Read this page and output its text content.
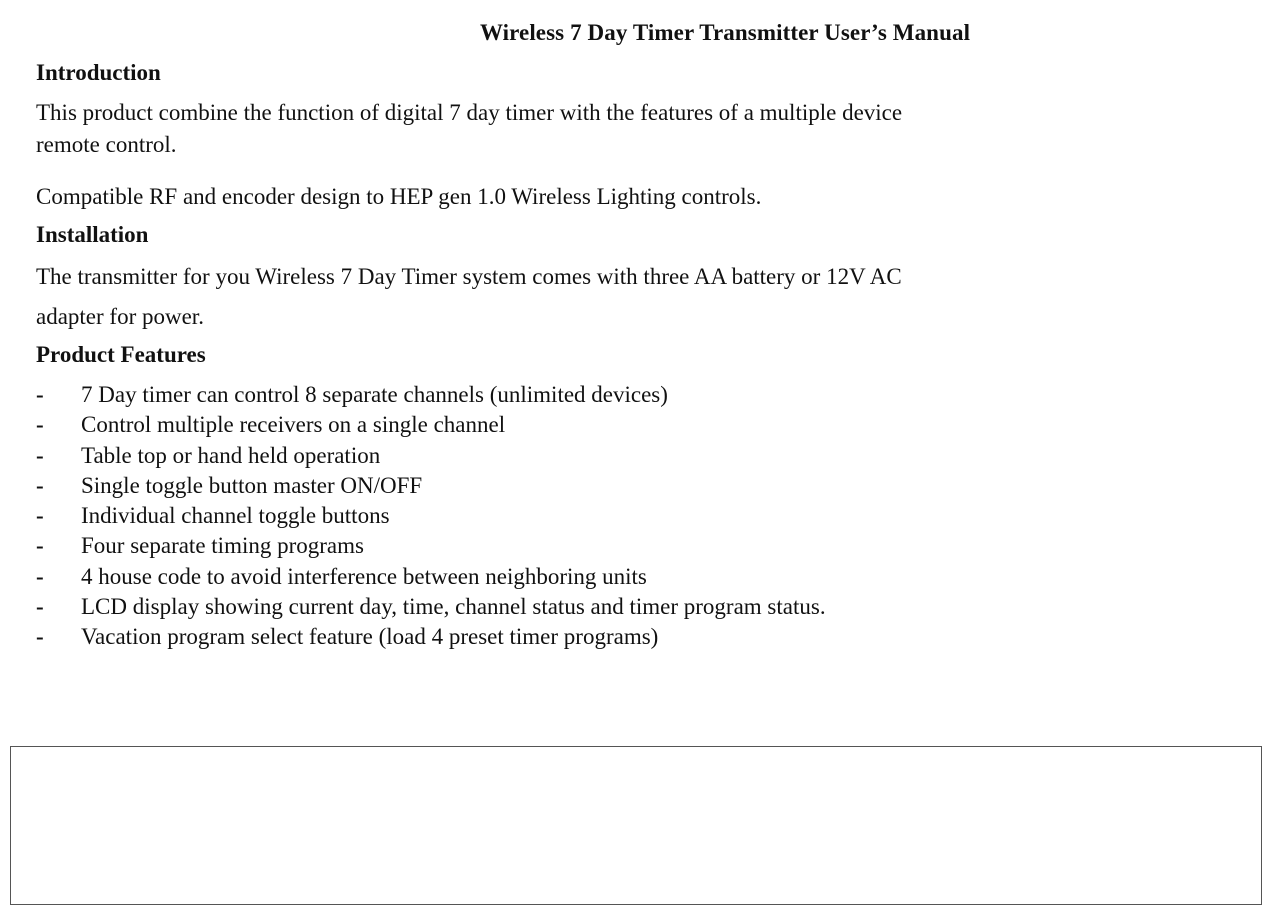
Wireless 7 Day Timer Transmitter User’s Manual
Introduction
This product combine the function of digital 7 day timer with the features of a multiple device
remote control.
Compatible RF and encoder design to HEP gen 1.0 Wireless Lighting controls.
Installation
The transmitter for you Wireless 7 Day Timer system comes with three AA battery or 12V AC
adapter for power.
Product Features
-	7 Day timer can control 8 separate channels (unlimited devices)
-	Control multiple receivers on a single channel
-	Table top or hand held operation
-	Single toggle button master ON/OFF
-	Individual channel toggle buttons
-	Four separate timing programs
-	4 house code to avoid interference between neighboring units
-	LCD display showing current day, time, channel status and timer program status.
-	Vacation program select feature (load 4 preset timer programs)
